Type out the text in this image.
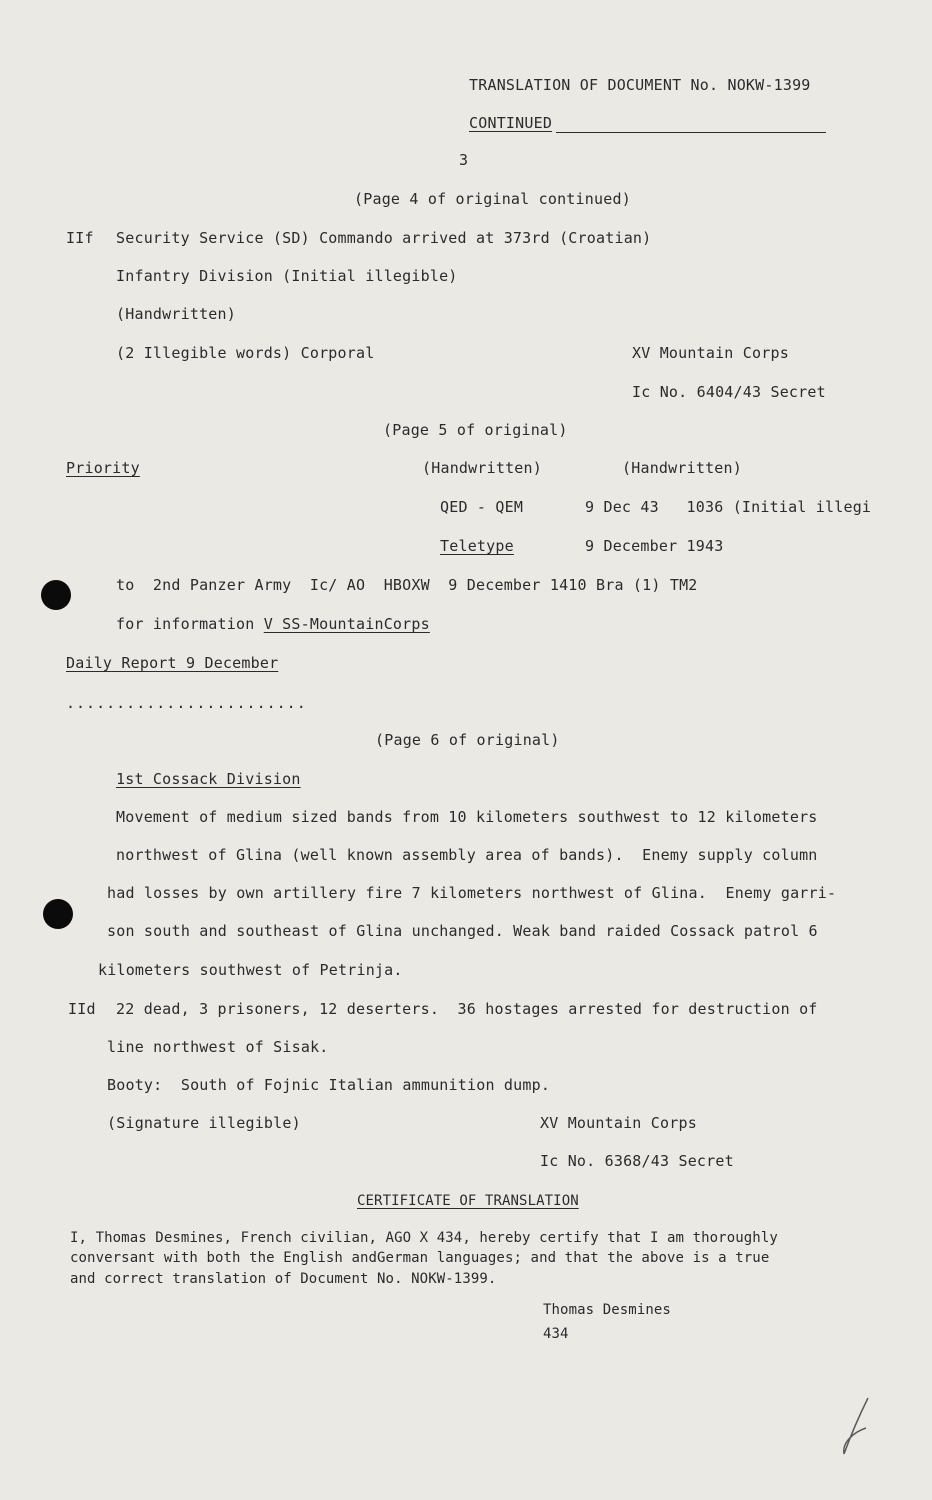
TRANSLATION OF DOCUMENT No. NOKW-1399
CONTINUED
3
(Page 4 of original continued)
IIf Security Service (SD) Commando arrived at 373rd (Croatian)
Infantry Division (Initial illegible)
(Handwritten)
(2 Illegible words) Corporal	XV Mountain Corps
Ic No. 6404/43 Secret
(Page 5 of original)
Priority	(Handwritten)	(Handwritten)
QED - QEM	9 Dec 43   1036 (Initial illegi
Teletype	9 December 1943
to  2nd Panzer Army  Ic/ AO  HBOXW  9 December 1410 Bra (1) TM2
for information V SS-MountainCorps
Daily Report 9 December
........................
(Page 6 of original)
1st Cossack Division
Movement of medium sized bands from 10 kilometers southwest to 12 kilometers
northwest of Glina (well known assembly area of bands).  Enemy supply column
had losses by own artillery fire 7 kilometers northwest of Glina.  Enemy garri-
son south and southeast of Glina unchanged. Weak band raided Cossack patrol 6
kilometers southwest of Petrinja.
IId 22 dead, 3 prisoners, 12 deserters.  36 hostages arrested for destruction of
line northwest of Sisak.
Booty:  South of Fojnic Italian ammunition dump.
(Signature illegible)	XV Mountain Corps
Ic No. 6368/43 Secret
CERTIFICATE OF TRANSLATION
I, Thomas Desmines, French civilian, AGO X 434, hereby certify that I am thoroughly
conversant with both the English andGerman languages; and that the above is a true
and correct translation of Document No. NOKW-1399.
Thomas Desmines
434
